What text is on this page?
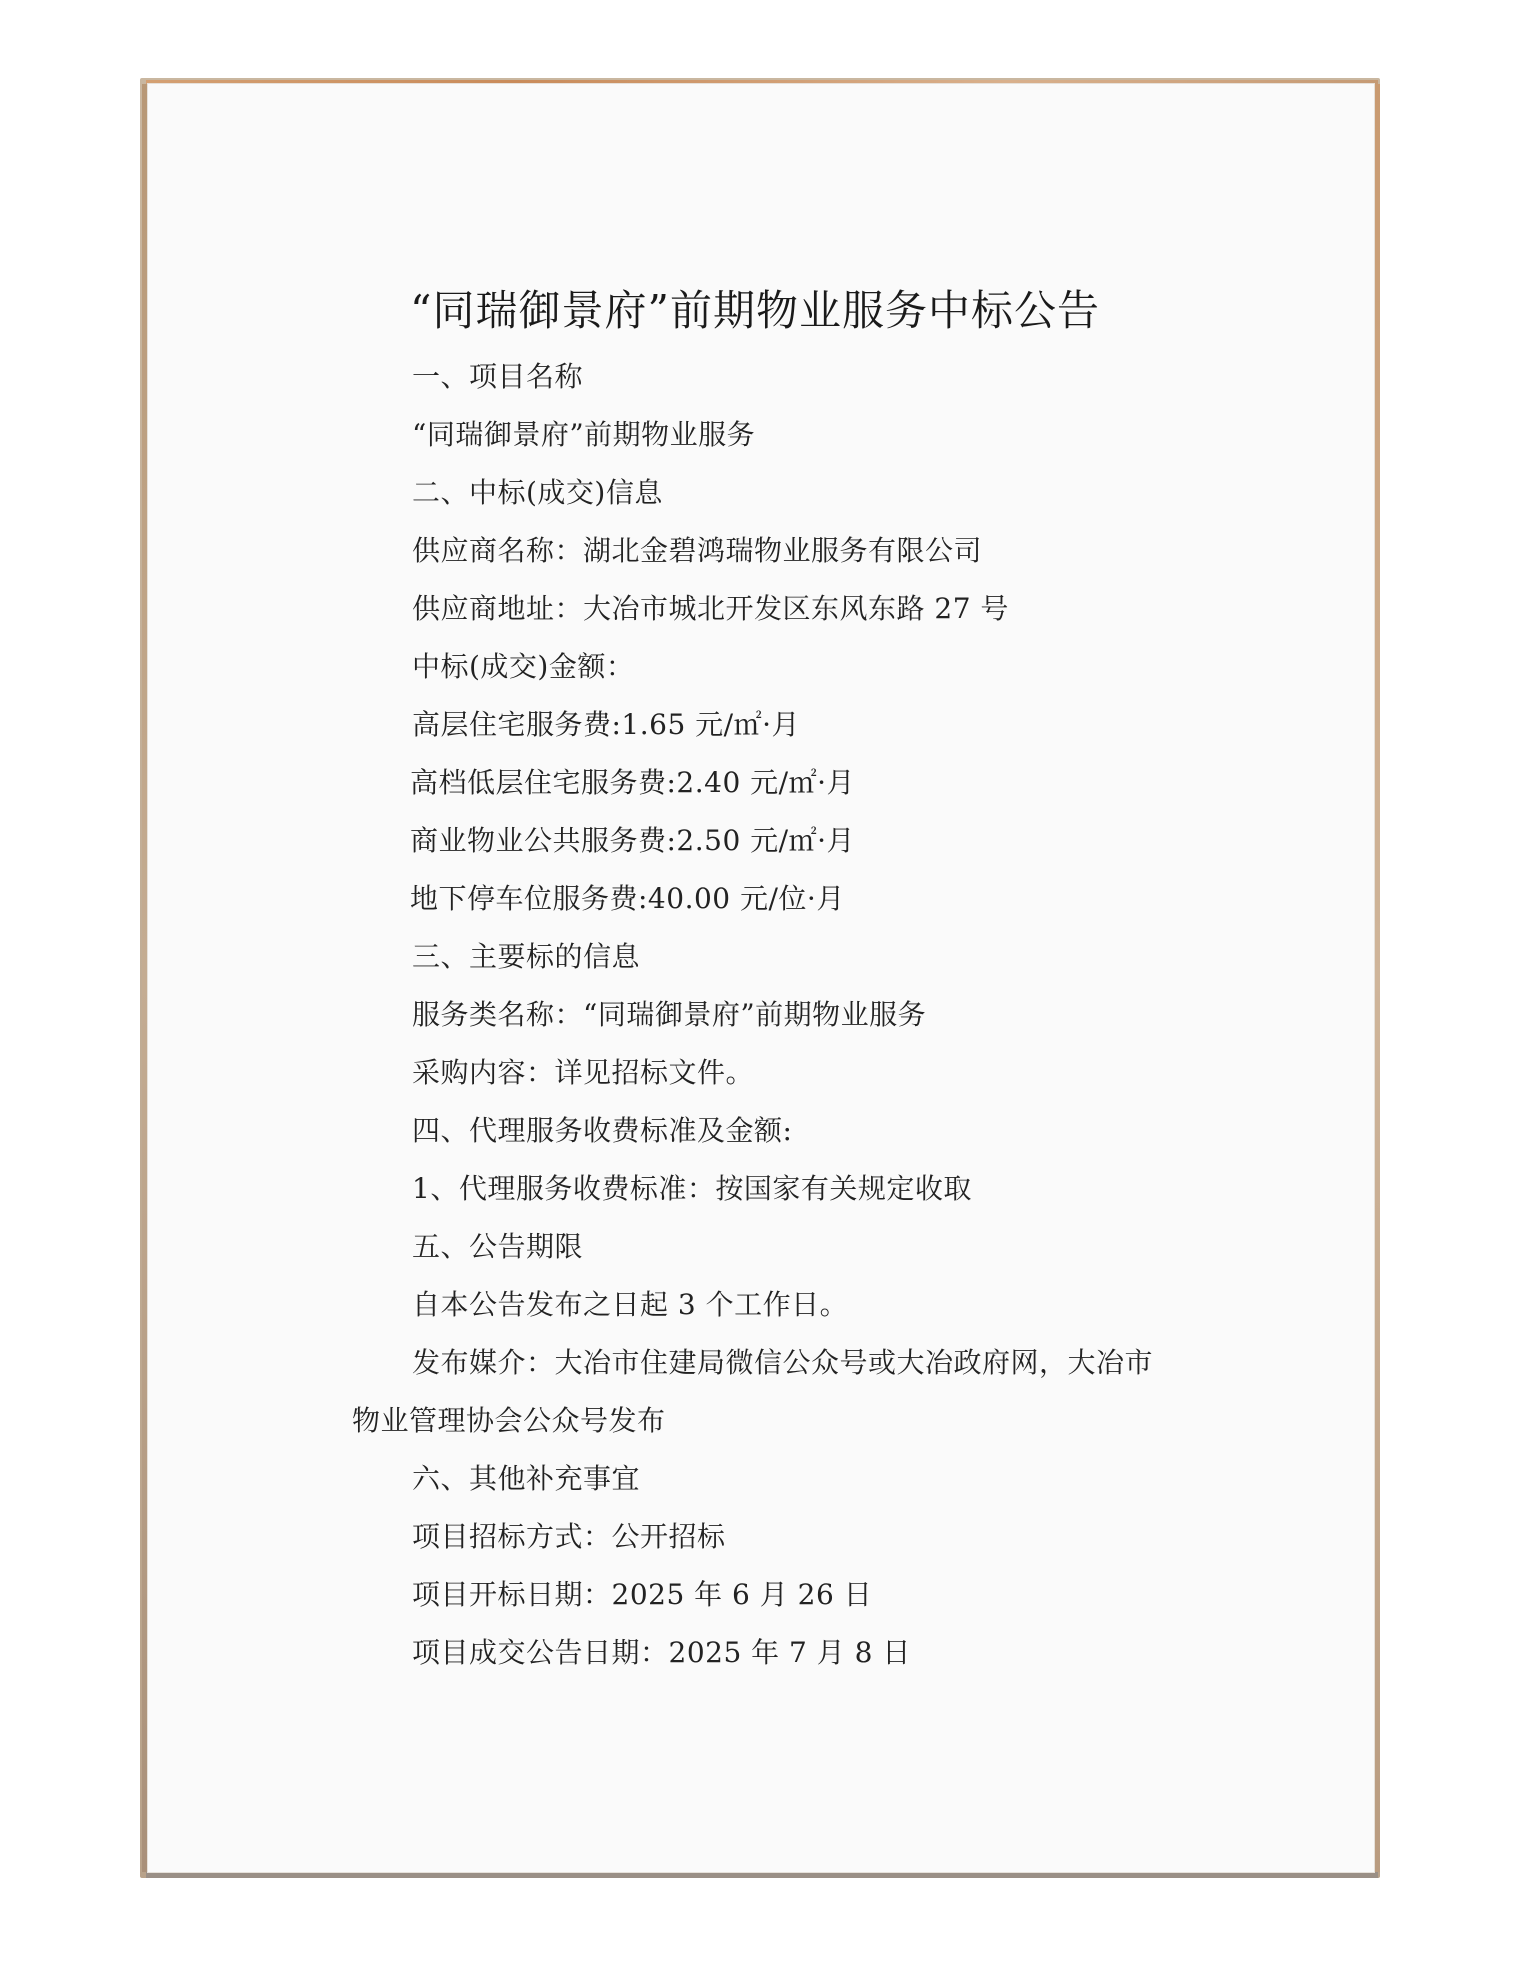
“同瑞御景府”前期物业服务中标公告
一、项目名称
“同瑞御景府”前期物业服务
二、中标(成交)信息
供应商名称：湖北金碧鸿瑞物业服务有限公司
供应商地址：大冶市城北开发区东风东路 27 号
中标(成交)金额：
高层住宅服务费:1.65 元/㎡·月
高档低层住宅服务费:2.40 元/㎡·月
商业物业公共服务费:2.50 元/㎡·月
地下停车位服务费:40.00 元/位·月
三、主要标的信息
服务类名称：“同瑞御景府”前期物业服务
采购内容：详见招标文件。
四、代理服务收费标准及金额:
1、代理服务收费标准：按国家有关规定收取
五、公告期限
自本公告发布之日起 3 个工作日。
发布媒介：大冶市住建局微信公众号或大冶政府网，大冶市
物业管理协会公众号发布
六、其他补充事宜
项目招标方式：公开招标
项目开标日期：2025 年 6 月 26 日
项目成交公告日期：2025 年 7 月 8 日
